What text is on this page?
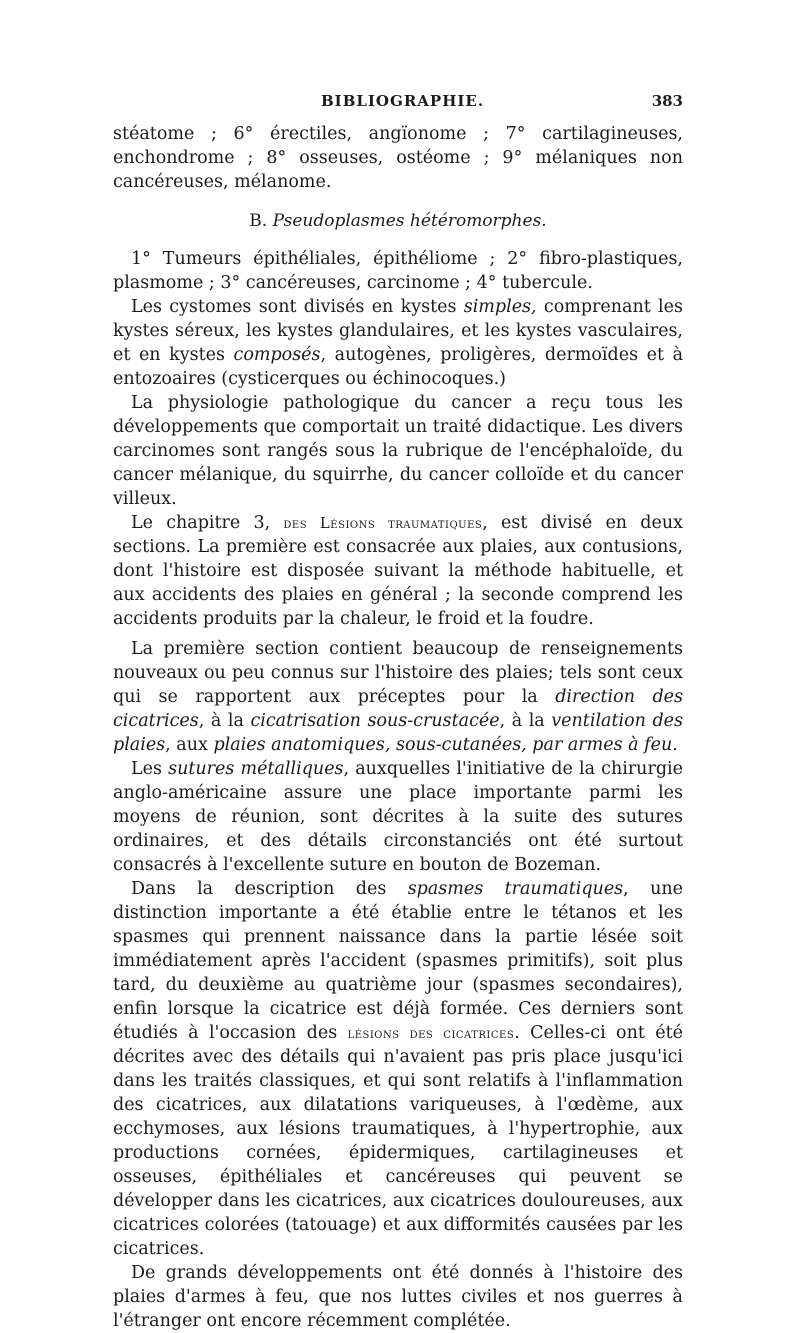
BIBLIOGRAPHIE.	383

stéatome ; 6° érectiles, angïonome ; 7° cartilagineuses, enchondrome ; 8° osseuses, ostéome ; 9° mélaniques non cancéreuses, mélanome.

B. Pseudoplasmes hétéromorphes.

1° Tumeurs épithéliales, épithéliome ; 2° fibro-plastiques, plasmome ; 3° cancéreuses, carcinome ; 4° tubercule.

Les cystomes sont divisés en kystes simples, comprenant les kystes séreux, les kystes glandulaires, et les kystes vasculaires, et en kystes composés, autogènes, proligères, dermoïdes et à entozoaires (cysticerques ou échinocoques.)

La physiologie pathologique du cancer a reçu tous les développements que comportait un traité didactique. Les divers carcinomes sont rangés sous la rubrique de l'encéphaloïde, du cancer mélanique, du squirrhe, du cancer colloïde et du cancer villeux.

Le chapitre 3, des Lésions traumatiques, est divisé en deux sections. La première est consacrée aux plaies, aux contusions, dont l'histoire est disposée suivant la méthode habituelle, et aux accidents des plaies en général ; la seconde comprend les accidents produits par la chaleur, le froid et la foudre.

La première section contient beaucoup de renseignements nouveaux ou peu connus sur l'histoire des plaies; tels sont ceux qui se rapportent aux préceptes pour la direction des cicatrices, à la cicatrisation sous-crustacée, à la ventilation des plaies, aux plaies anatomiques, sous-cutanées, par armes à feu.

Les sutures métalliques, auxquelles l'initiative de la chirurgie anglo-américaine assure une place importante parmi les moyens de réunion, sont décrites à la suite des sutures ordinaires, et des détails circonstanciés ont été surtout consacrés à l'excellente suture en bouton de Bozeman.

Dans la description des spasmes traumatiques, une distinction importante a été établie entre le tétanos et les spasmes qui prennent naissance dans la partie lésée soit immédiatement après l'accident (spasmes primitifs), soit plus tard, du deuxième au quatrième jour (spasmes secondaires), enfin lorsque la cicatrice est déjà formée. Ces derniers sont étudiés à l'occasion des lésions des cicatrices. Celles-ci ont été décrites avec des détails qui n'avaient pas pris place jusqu'ici dans les traités classiques, et qui sont relatifs à l'inflammation des cicatrices, aux dilatations variqueuses, à l'œdème, aux ecchymoses, aux lésions traumatiques, à l'hypertrophie, aux productions cornées, épidermiques, cartilagineuses et osseuses, épithéliales et cancéreuses qui peuvent se développer dans les cicatrices, aux cicatrices douloureuses, aux cicatrices colorées (tatouage) et aux difformités causées par les cicatrices.

De grands développements ont été donnés à l'histoire des plaies d'armes à feu, que nos luttes civiles et nos guerres à l'étranger ont encore récemment complétée.
